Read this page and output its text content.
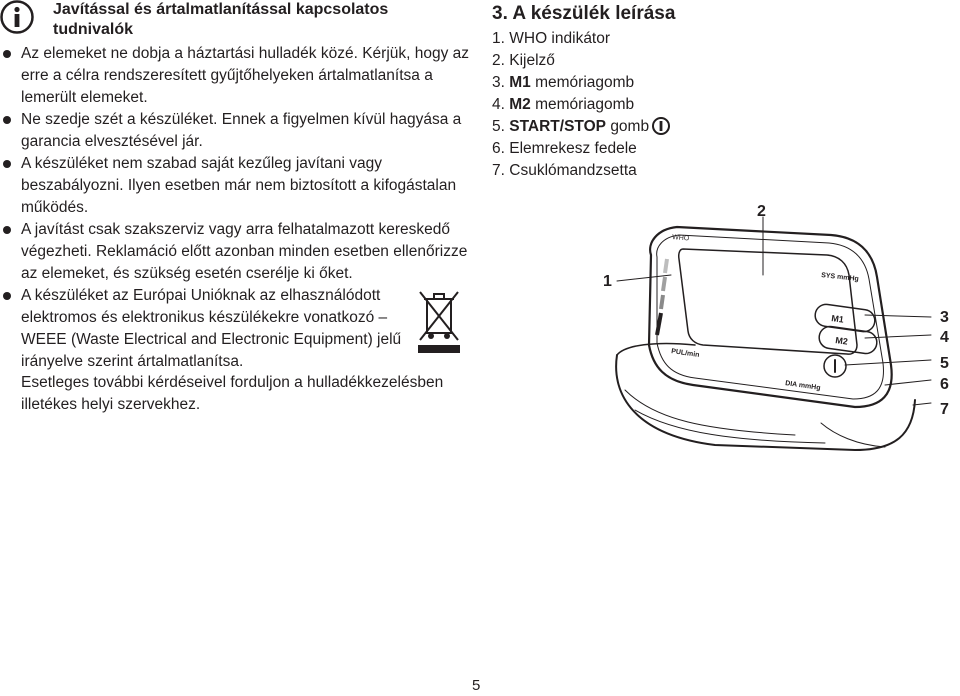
Javítással és ártalmatlanítással kapcsolatos
tudnivalók
Az elemeket ne dobja a háztartási hulladék közé. Kérjük, hogy az erre a célra rendszeresített gyűjtőhelyeken ártalmatlanítsa a lemerült elemeket.
Ne szedje szét a készüléket. Ennek a figyelmen kívül hagyása a garancia elvesztésével jár.
A készüléket nem szabad saját kezűleg javítani vagy beszabályozni. Ilyen esetben már nem biztosított a kifogástalan működés.
A javítást csak szakszerviz vagy arra felhatalmazott kereskedő végezheti. Reklamáció előtt azonban minden esetben ellenőrizze az elemeket, és szükség esetén cserélje ki őket.
A készüléket az Európai Unióknak az elhasználódott elektromos és elektronikus készülékekre vonatkozó – WEEE (Waste Electrical and Electronic Equipment) jelű irányelve szerint ártalmatlanítsa.
Esetleges további kérdéseivel forduljon a hulladékkezelésben illetékes helyi szervekhez.
3. A készülék leírása
1. WHO indikátor
2. Kijelző
3. M1 memóriagomb
4. M2 memóriagomb
5. START/STOP gomb
6. Elemrekesz fedele
7. Csuklómandzsetta
WHO
SYS mmHg
DIA mmHg
PUL/min
M1
M2
1
2
3
4
5
6
7
5
